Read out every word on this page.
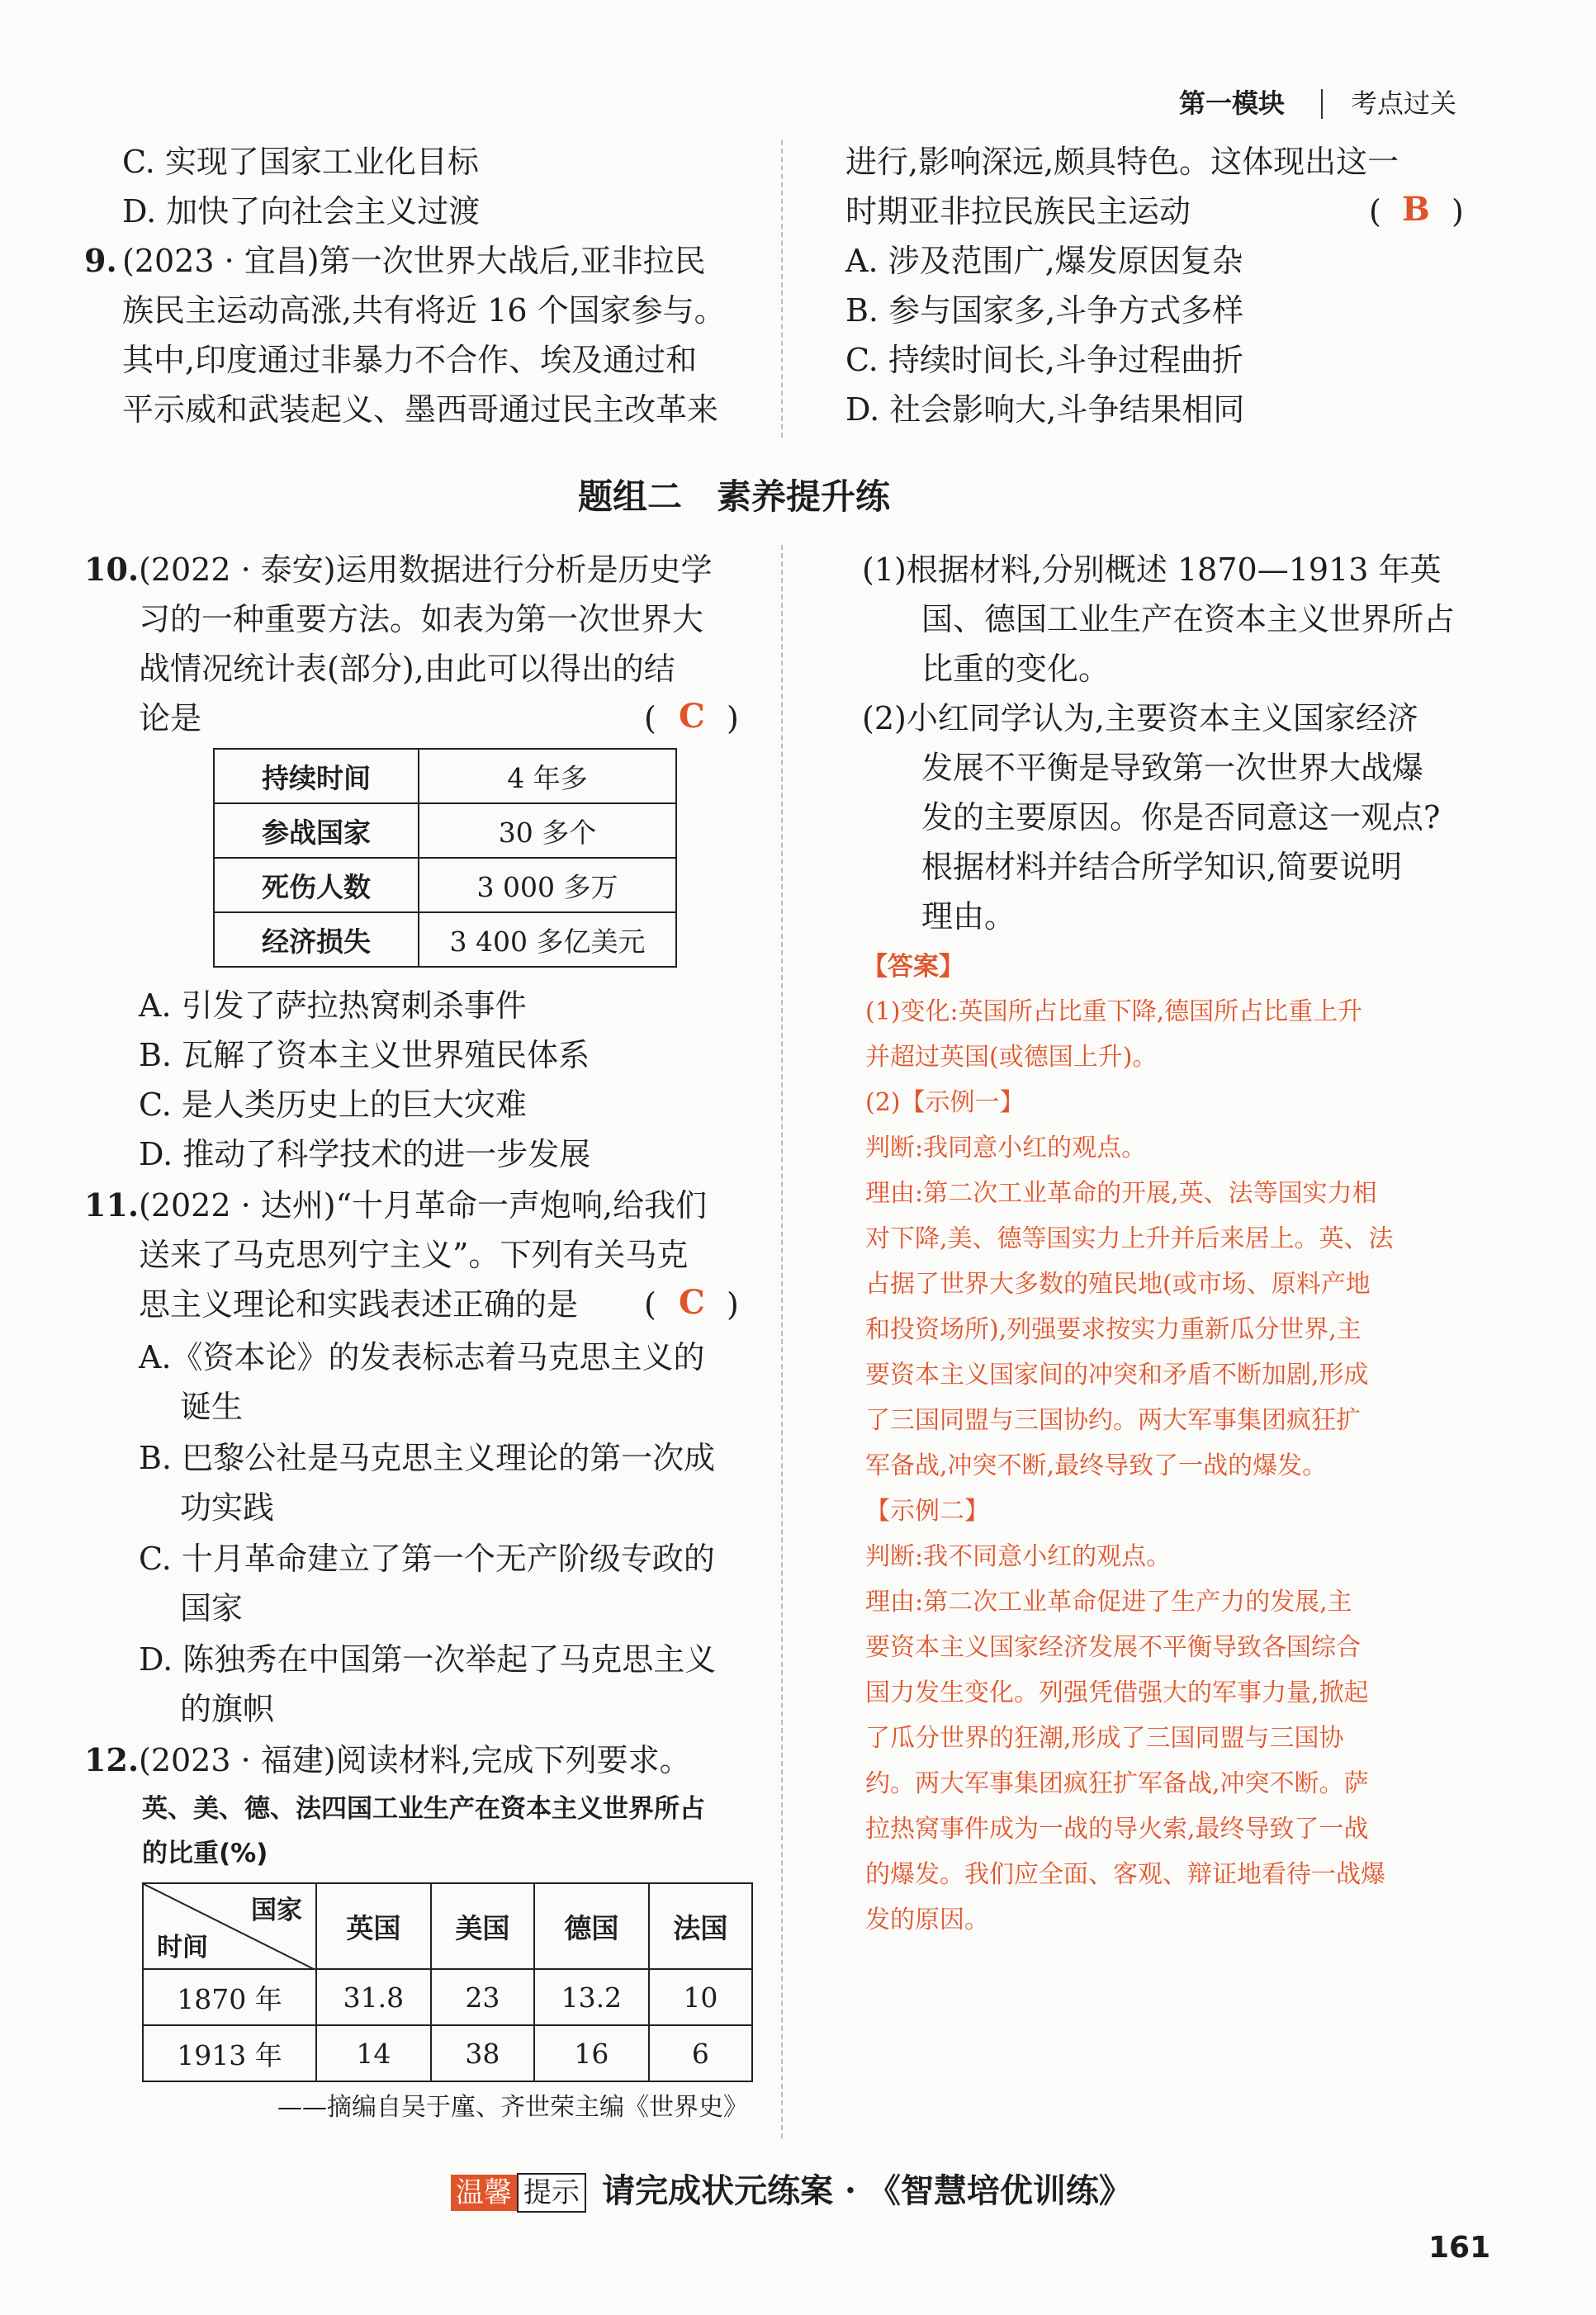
第一模块 考点过关
C. 实现了国家工业化目标
D. 加快了向社会主义过渡
9. (2023 · 宜昌)第一次世界大战后,亚非拉民
族民主运动高涨,共有将近 16 个国家参与。
其中,印度通过非暴力不合作、埃及通过和
平示威和武装起义、墨西哥通过民主改革来
进行,影响深远,颇具特色。这体现出这一
时期亚非拉民族民主运动	( B )
A. 涉及范围广,爆发原因复杂
B. 参与国家多,斗争方式多样
C. 持续时间长,斗争过程曲折
D. 社会影响大,斗争结果相同
题组二　素养提升练
10. (2022 · 泰安)运用数据进行分析是历史学
习的一种重要方法。如表为第一次世界大
战情况统计表(部分),由此可以得出的结
论是	( C )
持续时间	4 年多
参战国家	30 多个
死伤人数	3 000 多万
经济损失	3 400 多亿美元
A. 引发了萨拉热窝刺杀事件
B. 瓦解了资本主义世界殖民体系
C. 是人类历史上的巨大灾难
D. 推动了科学技术的进一步发展
11. (2022 · 达州)“十月革命一声炮响,给我们
送来了马克思列宁主义”。下列有关马克
思主义理论和实践表述正确的是 ( C )
A.《资本论》的发表标志着马克思主义的
诞生
B. 巴黎公社是马克思主义理论的第一次成
功实践
C. 十月革命建立了第一个无产阶级专政的
国家
D. 陈独秀在中国第一次举起了马克思主义
的旗帜
12. (2023 · 福建)阅读材料,完成下列要求。
英、美、德、法四国工业生产在资本主义世界所占
的比重(%)
国家
时间	英国	美国	德国	法国
1870 年	31.8	23	13.2	10
1913 年	14	38	16	6
——摘编自吴于廑、齐世荣主编《世界史》
(1)根据材料,分别概述 1870—1913 年英
国、德国工业生产在资本主义世界所占
比重的变化。
(2)小红同学认为,主要资本主义国家经济
发展不平衡是导致第一次世界大战爆
发的主要原因。你是否同意这一观点?
根据材料并结合所学知识,简要说明
理由。
【答案】
(1)变化:英国所占比重下降,德国所占比重上升
并超过英国(或德国上升)。
(2)【示例一】
判断:我同意小红的观点。
理由:第二次工业革命的开展,英、法等国实力相
对下降,美、德等国实力上升并后来居上。英、法
占据了世界大多数的殖民地(或市场、原料产地
和投资场所),列强要求按实力重新瓜分世界,主
要资本主义国家间的冲突和矛盾不断加剧,形成
了三国同盟与三国协约。两大军事集团疯狂扩
军备战,冲突不断,最终导致了一战的爆发。
【示例二】
判断:我不同意小红的观点。
理由:第二次工业革命促进了生产力的发展,主
要资本主义国家经济发展不平衡导致各国综合
国力发生变化。列强凭借强大的军事力量,掀起
了瓜分世界的狂潮,形成了三国同盟与三国协
约。两大军事集团疯狂扩军备战,冲突不断。萨
拉热窝事件成为一战的导火索,最终导致了一战
的爆发。我们应全面、客观、辩证地看待一战爆
发的原因。
温馨 提示 请完成状元练案 · 《智慧培优训练》
161
